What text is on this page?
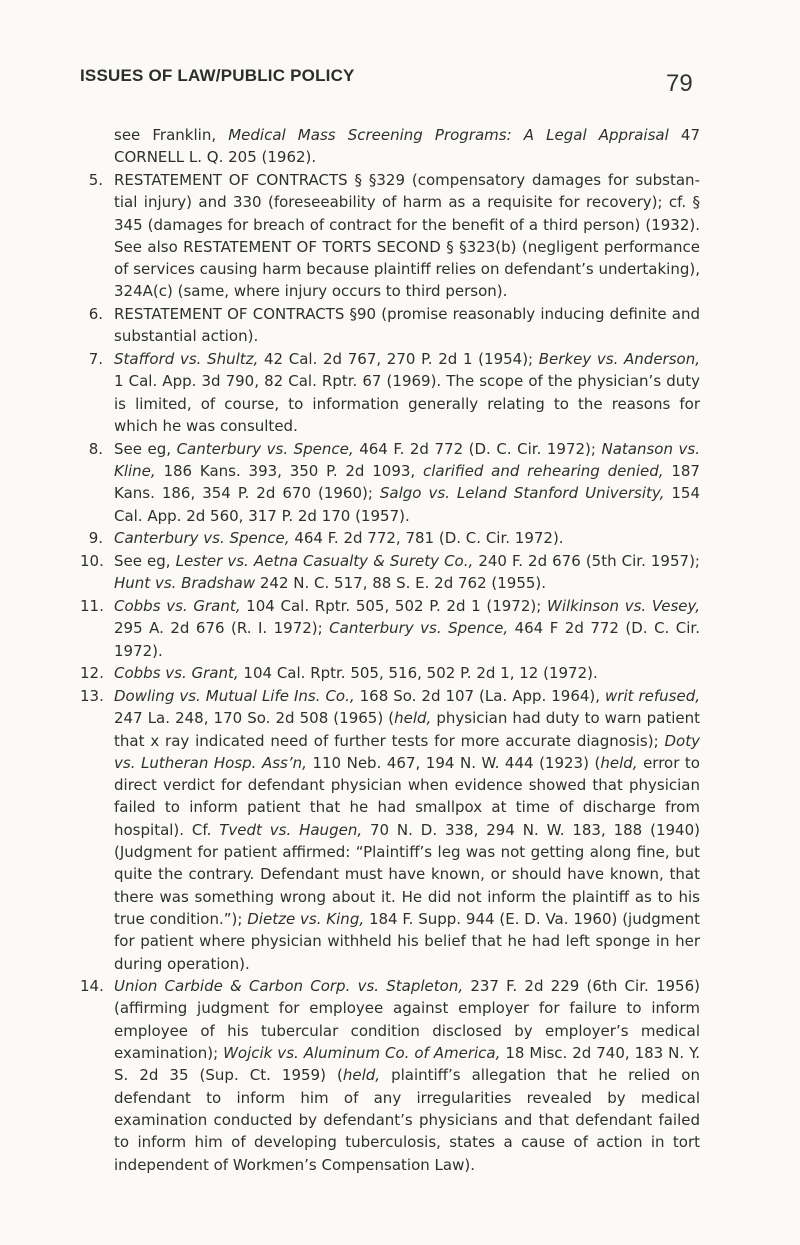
ISSUES OF LAW/PUBLIC POLICY	79
see Franklin, Medical Mass Screening Programs: A Legal Appraisal 47 CORNELL L. Q. 205 (1962).
5. RESTATEMENT OF CONTRACTS § §329 (compensatory damages for substantial injury) and 330 (foreseeability of harm as a requisite for recovery); cf. § 345 (damages for breach of contract for the benefit of a third person) (1932). See also RESTATEMENT OF TORTS SECOND § §323(b) (negligent performance of services causing harm because plaintiff relies on defendant’s undertaking), 324A(c) (same, where injury occurs to third person).
6. RESTATEMENT OF CONTRACTS §90 (promise reasonably inducing definite and substantial action).
7. Stafford vs. Shultz, 42 Cal. 2d 767, 270 P. 2d 1 (1954); Berkey vs. Anderson, 1 Cal. App. 3d 790, 82 Cal. Rptr. 67 (1969). The scope of the physician’s duty is limited, of course, to information generally relating to the reasons for which he was consulted.
8. See eg, Canterbury vs. Spence, 464 F. 2d 772 (D. C. Cir. 1972); Natanson vs. Kline, 186 Kans. 393, 350 P. 2d 1093, clarified and rehearing denied, 187 Kans. 186, 354 P. 2d 670 (1960); Salgo vs. Leland Stanford University, 154 Cal. App. 2d 560, 317 P. 2d 170 (1957).
9. Canterbury vs. Spence, 464 F. 2d 772, 781 (D. C. Cir. 1972).
10. See eg, Lester vs. Aetna Casualty & Surety Co., 240 F. 2d 676 (5th Cir. 1957); Hunt vs. Bradshaw 242 N. C. 517, 88 S. E. 2d 762 (1955).
11. Cobbs vs. Grant, 104 Cal. Rptr. 505, 502 P. 2d 1 (1972); Wilkinson vs. Vesey, 295 A. 2d 676 (R. I. 1972); Canterbury vs. Spence, 464 F 2d 772 (D. C. Cir. 1972).
12. Cobbs vs. Grant, 104 Cal. Rptr. 505, 516, 502 P. 2d 1, 12 (1972).
13. Dowling vs. Mutual Life Ins. Co., 168 So. 2d 107 (La. App. 1964), writ refused, 247 La. 248, 170 So. 2d 508 (1965) (held, physician had duty to warn patient that x ray indicated need of further tests for more accurate diagnosis); Doty vs. Lutheran Hosp. Ass’n, 110 Neb. 467, 194 N. W. 444 (1923) (held, error to direct verdict for defendant physician when evidence showed that physician failed to inform patient that he had smallpox at time of discharge from hospital). Cf. Tvedt vs. Haugen, 70 N. D. 338, 294 N. W. 183, 188 (1940) (Judgment for patient affirmed: “Plaintiff’s leg was not getting along fine, but quite the contrary. Defendant must have known, or should have known, that there was something wrong about it. He did not inform the plaintiff as to his true condition.”); Dietze vs. King, 184 F. Supp. 944 (E. D. Va. 1960) (judgment for patient where physician withheld his belief that he had left sponge in her during operation).
14. Union Carbide & Carbon Corp. vs. Stapleton, 237 F. 2d 229 (6th Cir. 1956) (affirming judgment for employee against employer for failure to inform employee of his tubercular condition disclosed by employer’s medical examination); Wojcik vs. Aluminum Co. of America, 18 Misc. 2d 740, 183 N. Y. S. 2d 35 (Sup. Ct. 1959) (held, plaintiff’s allegation that he relied on defendant to inform him of any irregularities revealed by medical examination conducted by defendant’s physicians and that defendant failed to inform him of developing tuberculosis, states a cause of action in tort independent of Workmen’s Compensation Law).
